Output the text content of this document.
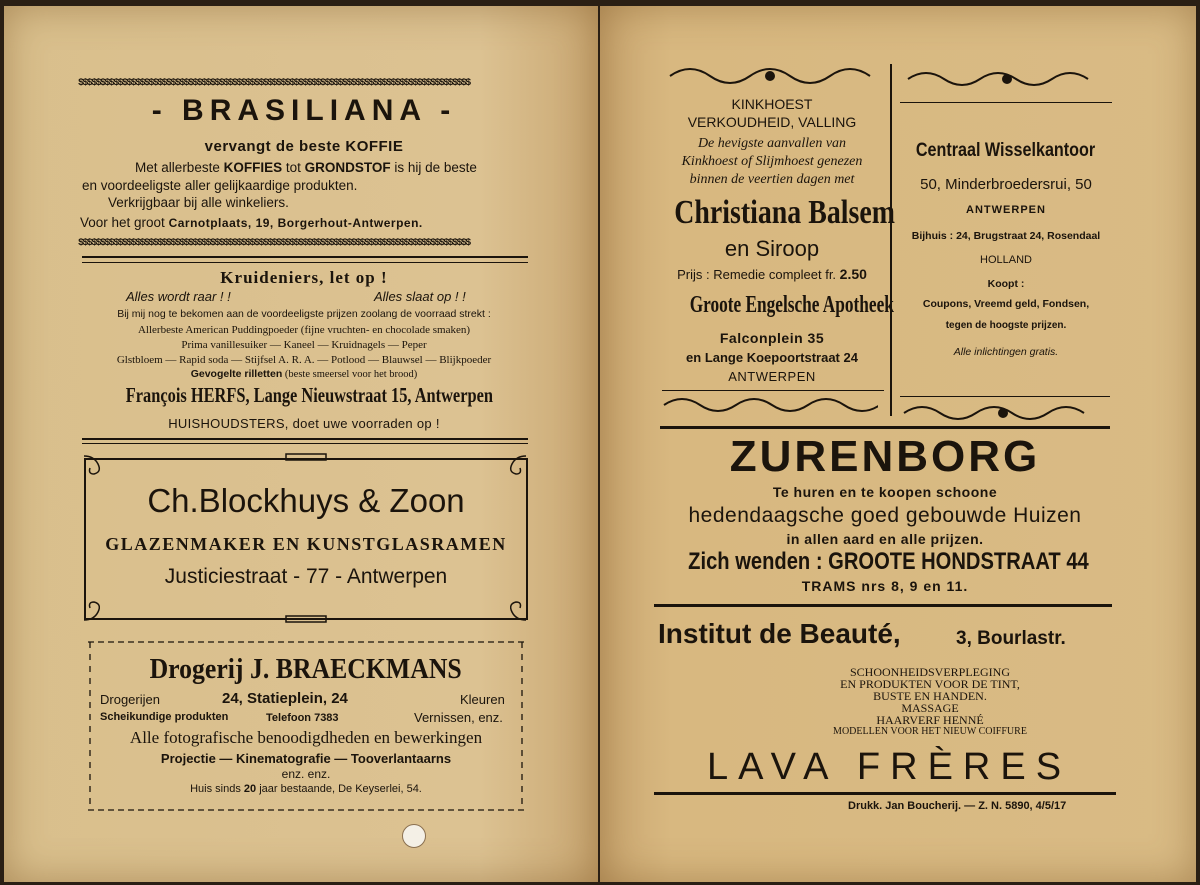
$$$$$$$$$$$$$$$$$$$$$$$$$$$$$$$$$$$$$$$$$$$$$$$$$$$$$$$$$$$$$$$$$$$$$$$$$$$$$$$$$$$$$$$$$
- BRASILIANA -
vervangt de beste KOFFIE
Met allerbeste KOFFIES tot GRONDSTOF is hij de beste
en voordeeligste aller gelijkaardige produkten.
Verkrijgbaar bij alle winkeliers.
Voor het groot Carnotplaats, 19, Borgerhout-Antwerpen.
$$$$$$$$$$$$$$$$$$$$$$$$$$$$$$$$$$$$$$$$$$$$$$$$$$$$$$$$$$$$$$$$$$$$$$$$$$$$$$$$$$$$$$$$$
Kruideniers, let op !
Alles wordt raar ! !	Alles slaat op ! !
Bij mij nog te bekomen aan de voordeeligste prijzen zoolang de voorraad strekt :
Allerbeste American Puddingpoeder (fijne vruchten- en chocolade smaken)
Prima vanillesuiker — Kaneel — Kruidnagels — Peper
Glstbloem — Rapid soda — Stijfsel A. R. A. — Potlood — Blauwsel — Blijkpoeder
Gevogelte rilletten (beste smeersel voor het brood)
François HERFS, Lange Nieuwstraat 15, Antwerpen
HUISHOUDSTERS, doet uwe voorraden op !
Ch.Blockhuys & Zoon
GLAZENMAKER EN KUNSTGLASRAMEN
Justiciestraat - 77 - Antwerpen
Drogerij J. BRAECKMANS
Drogerijen	24, Statieplein, 24	Kleuren
Scheikundige produkten	Telefoon 7383	Vernissen, enz.
Alle fotografische benoodigdheden en bewerkingen
Projectie — Kinematografie — Tooverlantaarns
enz. enz.
Huis sinds 20 jaar bestaande, De Keyserlei, 54.
KINKHOEST
VERKOUDHEID, VALLING
De hevigste aanvallen van
Kinkhoest of Slijmhoest genezen
binnen de veertien dagen met
Christiana Balsem
en Siroop
Prijs : Remedie compleet fr. 2.50
Groote Engelsche Apotheek
Falconplein 35
en Lange Koepoortstraat 24
ANTWERPEN
Centraal Wisselkantoor
50, Minderbroedersrui, 50
ANTWERPEN
Bijhuis : 24, Brugstraat 24, Rosendaal
HOLLAND
Koopt :
Coupons, Vreemd geld, Fondsen,
tegen de hoogste prijzen.
Alle inlichtingen gratis.
ZURENBORG
Te huren en te koopen schoone
hedendaagsche goed gebouwde Huizen
in allen aard en alle prijzen.
Zich wenden : GROOTE HONDSTRAAT 44
TRAMS nrs 8, 9 en 11.
Institut de Beauté,	3, Bourlastr.
SCHOONHEIDSVERPLEGING
EN PRODUKTEN VOOR DE TINT,
BUSTE EN HANDEN.
MASSAGE
HAARVERF HENNÉ
MODELLEN VOOR HET NIEUW COIFFURE
LAVA FRÈRES
Drukk. Jan Boucherij. — Z. N. 5890, 4/5/17
